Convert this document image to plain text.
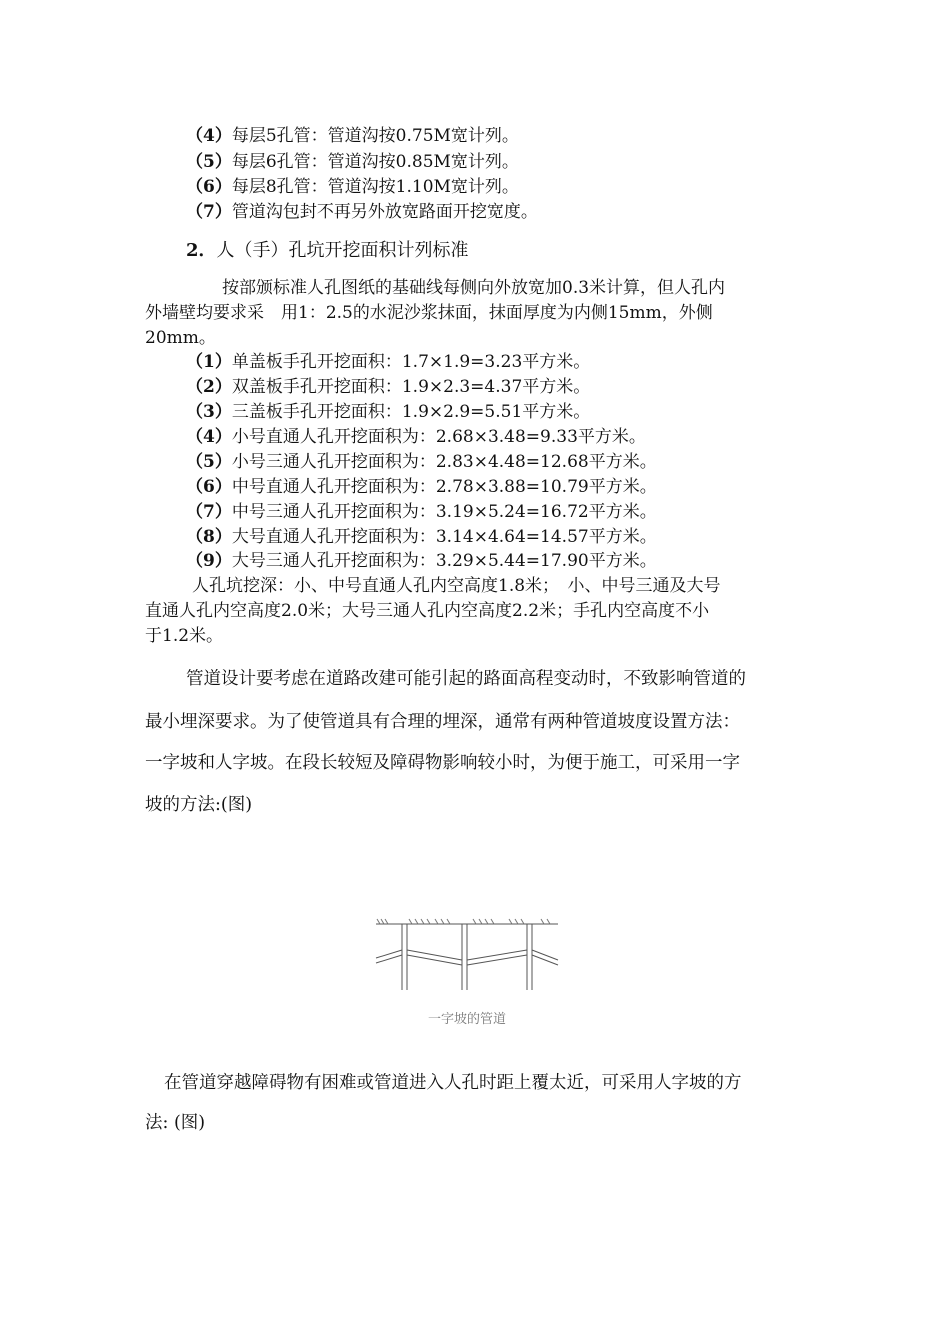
（4）每层5孔管：管道沟按0.75M宽计列。
（5）每层6孔管：管道沟按0.85M宽计列。
（6）每层8孔管：管道沟按1.10M宽计列。
（7）管道沟包封不再另外放宽路面开挖宽度。
2．人（手）孔坑开挖面积计列标准
按部颁标准人孔图纸的基础线每侧向外放宽加0.3米计算，但人孔内
外墙壁均要求采　用1：2.5的水泥沙浆抹面，抹面厚度为内侧15mm，外侧
20mm。
（1）单盖板手孔开挖面积：1.7×1.9=3.23平方米。
（2）双盖板手孔开挖面积：1.9×2.3=4.37平方米。
（3）三盖板手孔开挖面积：1.9×2.9=5.51平方米。
（4）小号直通人孔开挖面积为：2.68×3.48=9.33平方米。
（5）小号三通人孔开挖面积为：2.83×4.48=12.68平方米。
（6）中号直通人孔开挖面积为：2.78×3.88=10.79平方米。
（7）中号三通人孔开挖面积为：3.19×5.24=16.72平方米。
（8）大号直通人孔开挖面积为：3.14×4.64=14.57平方米。
（9）大号三通人孔开挖面积为：3.29×5.44=17.90平方米。
人孔坑挖深：小、中号直通人孔内空高度1.8米；　小、中号三通及大号
直通人孔内空高度2.0米；大号三通人孔内空高度2.2米；手孔内空高度不小
于1.2米。
管道设计要考虑在道路改建可能引起的路面高程变动时，不致影响管道的
最小埋深要求。为了使管道具有合理的埋深，通常有两种管道坡度设置方法：
一字坡和人字坡。在段长较短及障碍物影响较小时，为便于施工，可采用一字
坡的方法:(图)
一字坡的管道
在管道穿越障碍物有困难或管道进入人孔时距上覆太近，可采用人字坡的方
法: (图)
